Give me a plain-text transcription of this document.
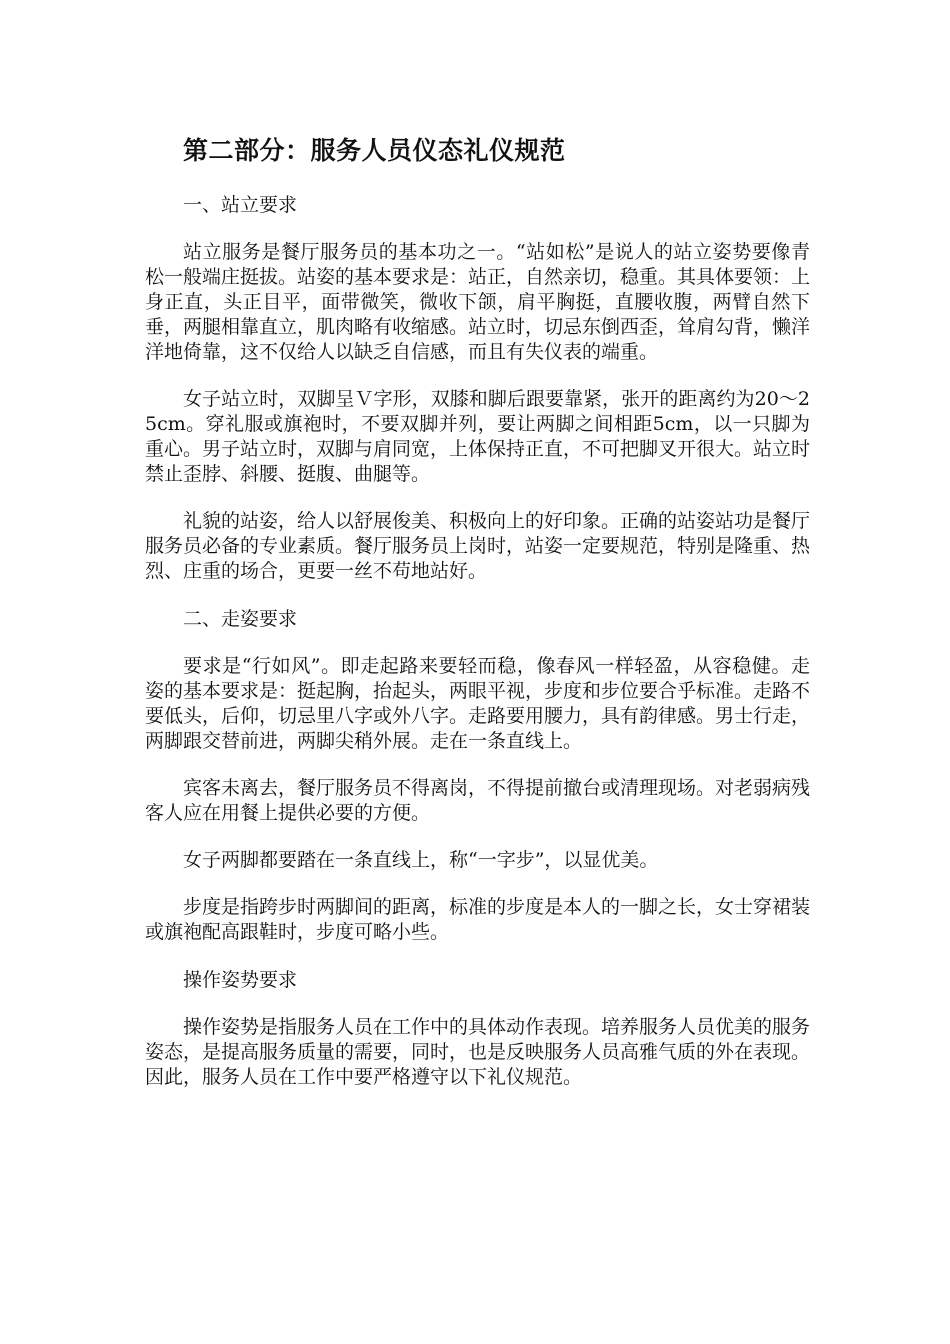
第二部分：服务人员仪态礼仪规范
一、站立要求

站立服务是餐厅服务员的基本功之一。“站如松”是说人的站立姿势要像青松一般端庄挺拔。站姿的基本要求是：站正，自然亲切，稳重。其具体要领：上身正直，头正目平，面带微笑，微收下颌，肩平胸挺，直腰收腹，两臂自然下垂，两腿相靠直立，肌肉略有收缩感。站立时，切忌东倒西歪，耸肩勾背，懒洋洋地倚靠，这不仅给人以缺乏自信感，而且有失仪表的端重。

女子站立时，双脚呈Ｖ字形，双膝和脚后跟要靠紧，张开的距离约为20～25cm。穿礼服或旗袍时，不要双脚并列，要让两脚之间相距5cm，以一只脚为重心。男子站立时，双脚与肩同宽，上体保持正直，不可把脚叉开很大。站立时禁止歪脖、斜腰、挺腹、曲腿等。

礼貌的站姿，给人以舒展俊美、积极向上的好印象。正确的站姿站功是餐厅服务员必备的专业素质。餐厅服务员上岗时，站姿一定要规范，特别是隆重、热烈、庄重的场合，更要一丝不苟地站好。

二、走姿要求

要求是“行如风”。即走起路来要轻而稳，像春风一样轻盈，从容稳健。走姿的基本要求是：挺起胸，抬起头，两眼平视，步度和步位要合乎标准。走路不要低头，后仰，切忌里八字或外八字。走路要用腰力，具有韵律感。男士行走，两脚跟交替前进，两脚尖稍外展。走在一条直线上。

宾客未离去，餐厅服务员不得离岗，不得提前撤台或清理现场。对老弱病残客人应在用餐上提供必要的方便。

女子两脚都要踏在一条直线上，称“一字步”，以显优美。

步度是指跨步时两脚间的距离，标准的步度是本人的一脚之长，女士穿裙装或旗袍配高跟鞋时，步度可略小些。

操作姿势要求

操作姿势是指服务人员在工作中的具体动作表现。培养服务人员优美的服务姿态，是提高服务质量的需要，同时，也是反映服务人员高雅气质的外在表现。因此，服务人员在工作中要严格遵守以下礼仪规范。
